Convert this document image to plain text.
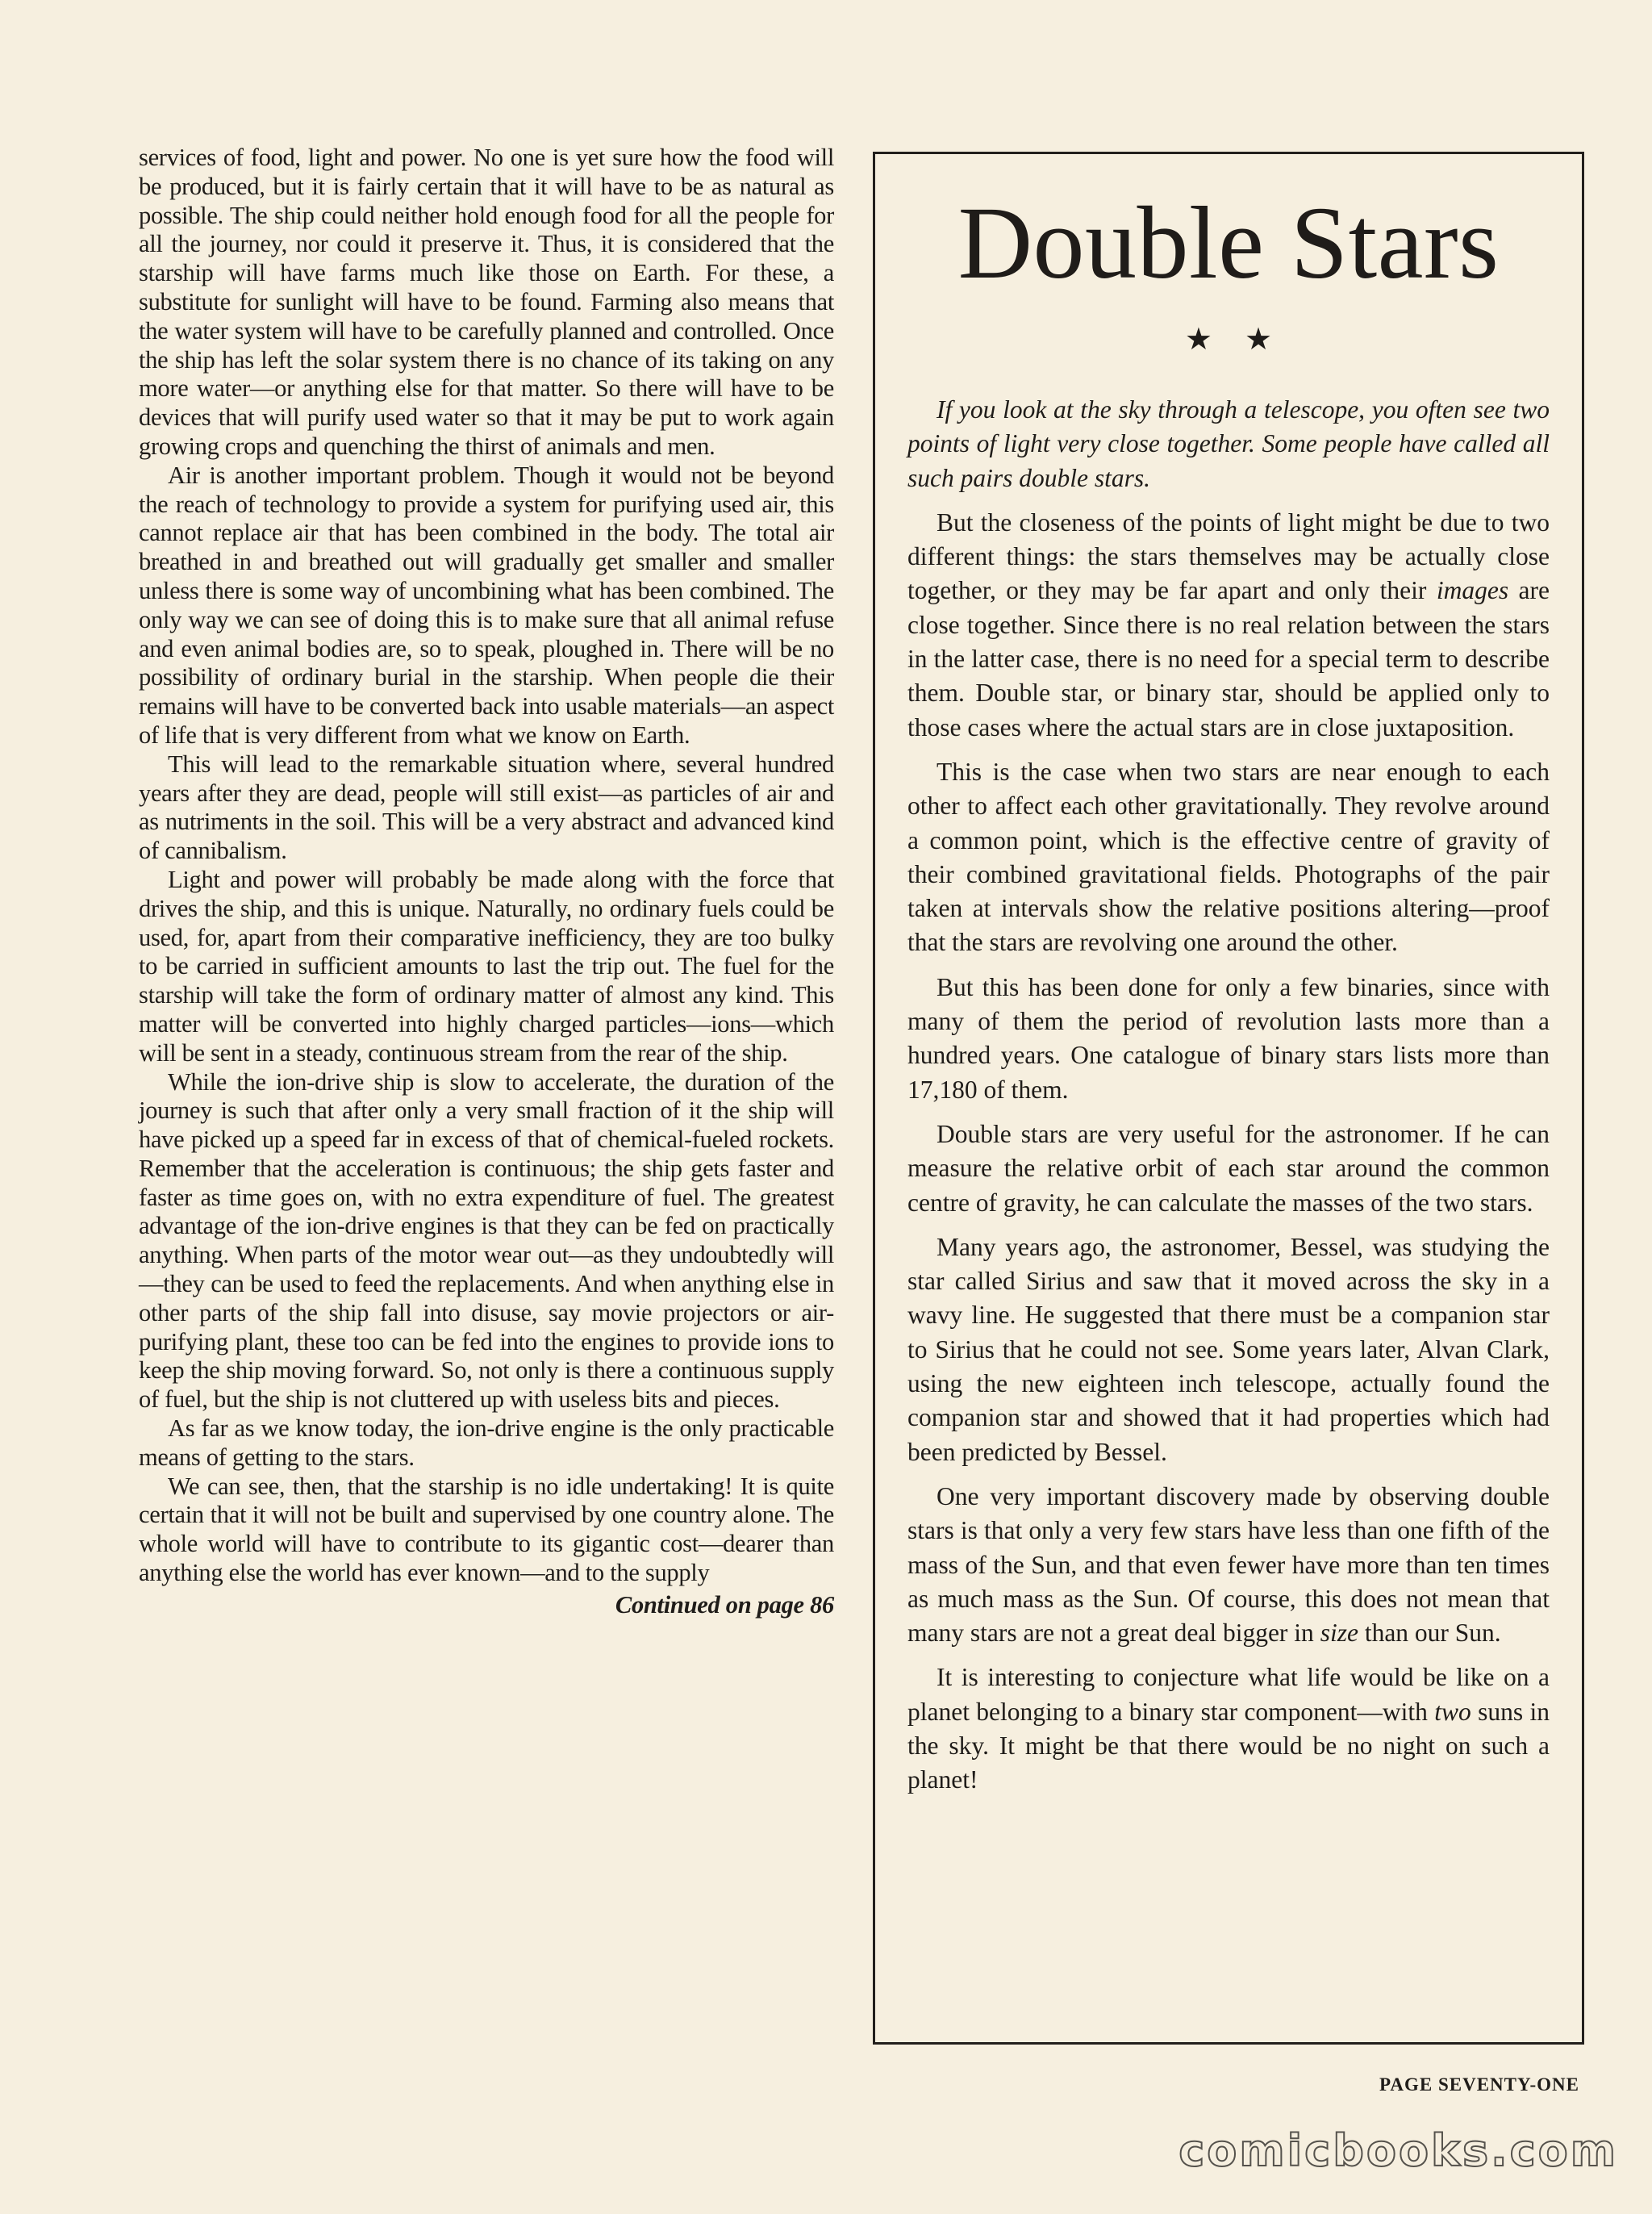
services of food, light and power. No one is yet sure how the food will be produced, but it is fairly certain that it will have to be as natural as possible. The ship could neither hold enough food for all the people for all the journey, nor could it preserve it. Thus, it is considered that the starship will have farms much like those on Earth. For these, a substitute for sunlight will have to be found. Farming also means that the water system will have to be carefully planned and controlled. Once the ship has left the solar system there is no chance of its taking on any more water—or anything else for that matter. So there will have to be devices that will purify used water so that it may be put to work again growing crops and quenching the thirst of animals and men.

Air is another important problem. Though it would not be beyond the reach of technology to provide a system for purifying used air, this cannot replace air that has been combined in the body. The total air breathed in and breathed out will gradually get smaller and smaller unless there is some way of uncombining what has been combined. The only way we can see of doing this is to make sure that all animal refuse and even animal bodies are, so to speak, ploughed in. There will be no possibility of ordinary burial in the starship. When people die their remains will have to be converted back into usable materials—an aspect of life that is very different from what we know on Earth.

This will lead to the remarkable situation where, several hundred years after they are dead, people will still exist—as particles of air and as nutriments in the soil. This will be a very abstract and advanced kind of cannibalism.

Light and power will probably be made along with the force that drives the ship, and this is unique. Naturally, no ordinary fuels could be used, for, apart from their comparative inefficiency, they are too bulky to be carried in sufficient amounts to last the trip out. The fuel for the starship will take the form of ordinary matter of almost any kind. This matter will be converted into highly charged particles—ions—which will be sent in a steady, continuous stream from the rear of the ship.

While the ion-drive ship is slow to accelerate, the duration of the journey is such that after only a very small fraction of it the ship will have picked up a speed far in excess of that of chemical-fueled rockets. Remember that the acceleration is continuous; the ship gets faster and faster as time goes on, with no extra expenditure of fuel. The greatest advantage of the ion-drive engines is that they can be fed on practically anything. When parts of the motor wear out—as they undoubtedly will—they can be used to feed the replacements. And when anything else in other parts of the ship fall into disuse, say movie projectors or air-purifying plant, these too can be fed into the engines to provide ions to keep the ship moving forward. So, not only is there a continuous supply of fuel, but the ship is not cluttered up with useless bits and pieces.

As far as we know today, the ion-drive engine is the only practicable means of getting to the stars.

We can see, then, that the starship is no idle undertaking! It is quite certain that it will not be built and supervised by one country alone. The whole world will have to contribute to its gigantic cost—dearer than anything else the world has ever known—and to the supply

Continued on page 86

Double Stars
★★

If you look at the sky through a telescope, you often see two points of light very close together. Some people have called all such pairs double stars.

But the closeness of the points of light might be due to two different things: the stars themselves may be actually close together, or they may be far apart and only their images are close together. Since there is no real relation between the stars in the latter case, there is no need for a special term to describe them. Double star, or binary star, should be applied only to those cases where the actual stars are in close juxtaposition.

This is the case when two stars are near enough to each other to affect each other gravitationally. They revolve around a common point, which is the effective centre of gravity of their combined gravitational fields. Photographs of the pair taken at intervals show the relative positions altering—proof that the stars are revolving one around the other.

But this has been done for only a few binaries, since with many of them the period of revolution lasts more than a hundred years. One catalogue of binary stars lists more than 17,180 of them.

Double stars are very useful for the astronomer. If he can measure the relative orbit of each star around the common centre of gravity, he can calculate the masses of the two stars.

Many years ago, the astronomer, Bessel, was studying the star called Sirius and saw that it moved across the sky in a wavy line. He suggested that there must be a companion star to Sirius that he could not see. Some years later, Alvan Clark, using the new eighteen inch telescope, actually found the companion star and showed that it had properties which had been predicted by Bessel.

One very important discovery made by observing double stars is that only a very few stars have less than one fifth of the mass of the Sun, and that even fewer have more than ten times as much mass as the Sun. Of course, this does not mean that many stars are not a great deal bigger in size than our Sun.

It is interesting to conjecture what life would be like on a planet belonging to a binary star component—with two suns in the sky. It might be that there would be no night on such a planet!

PAGE SEVENTY-ONE
comicbooks.com
